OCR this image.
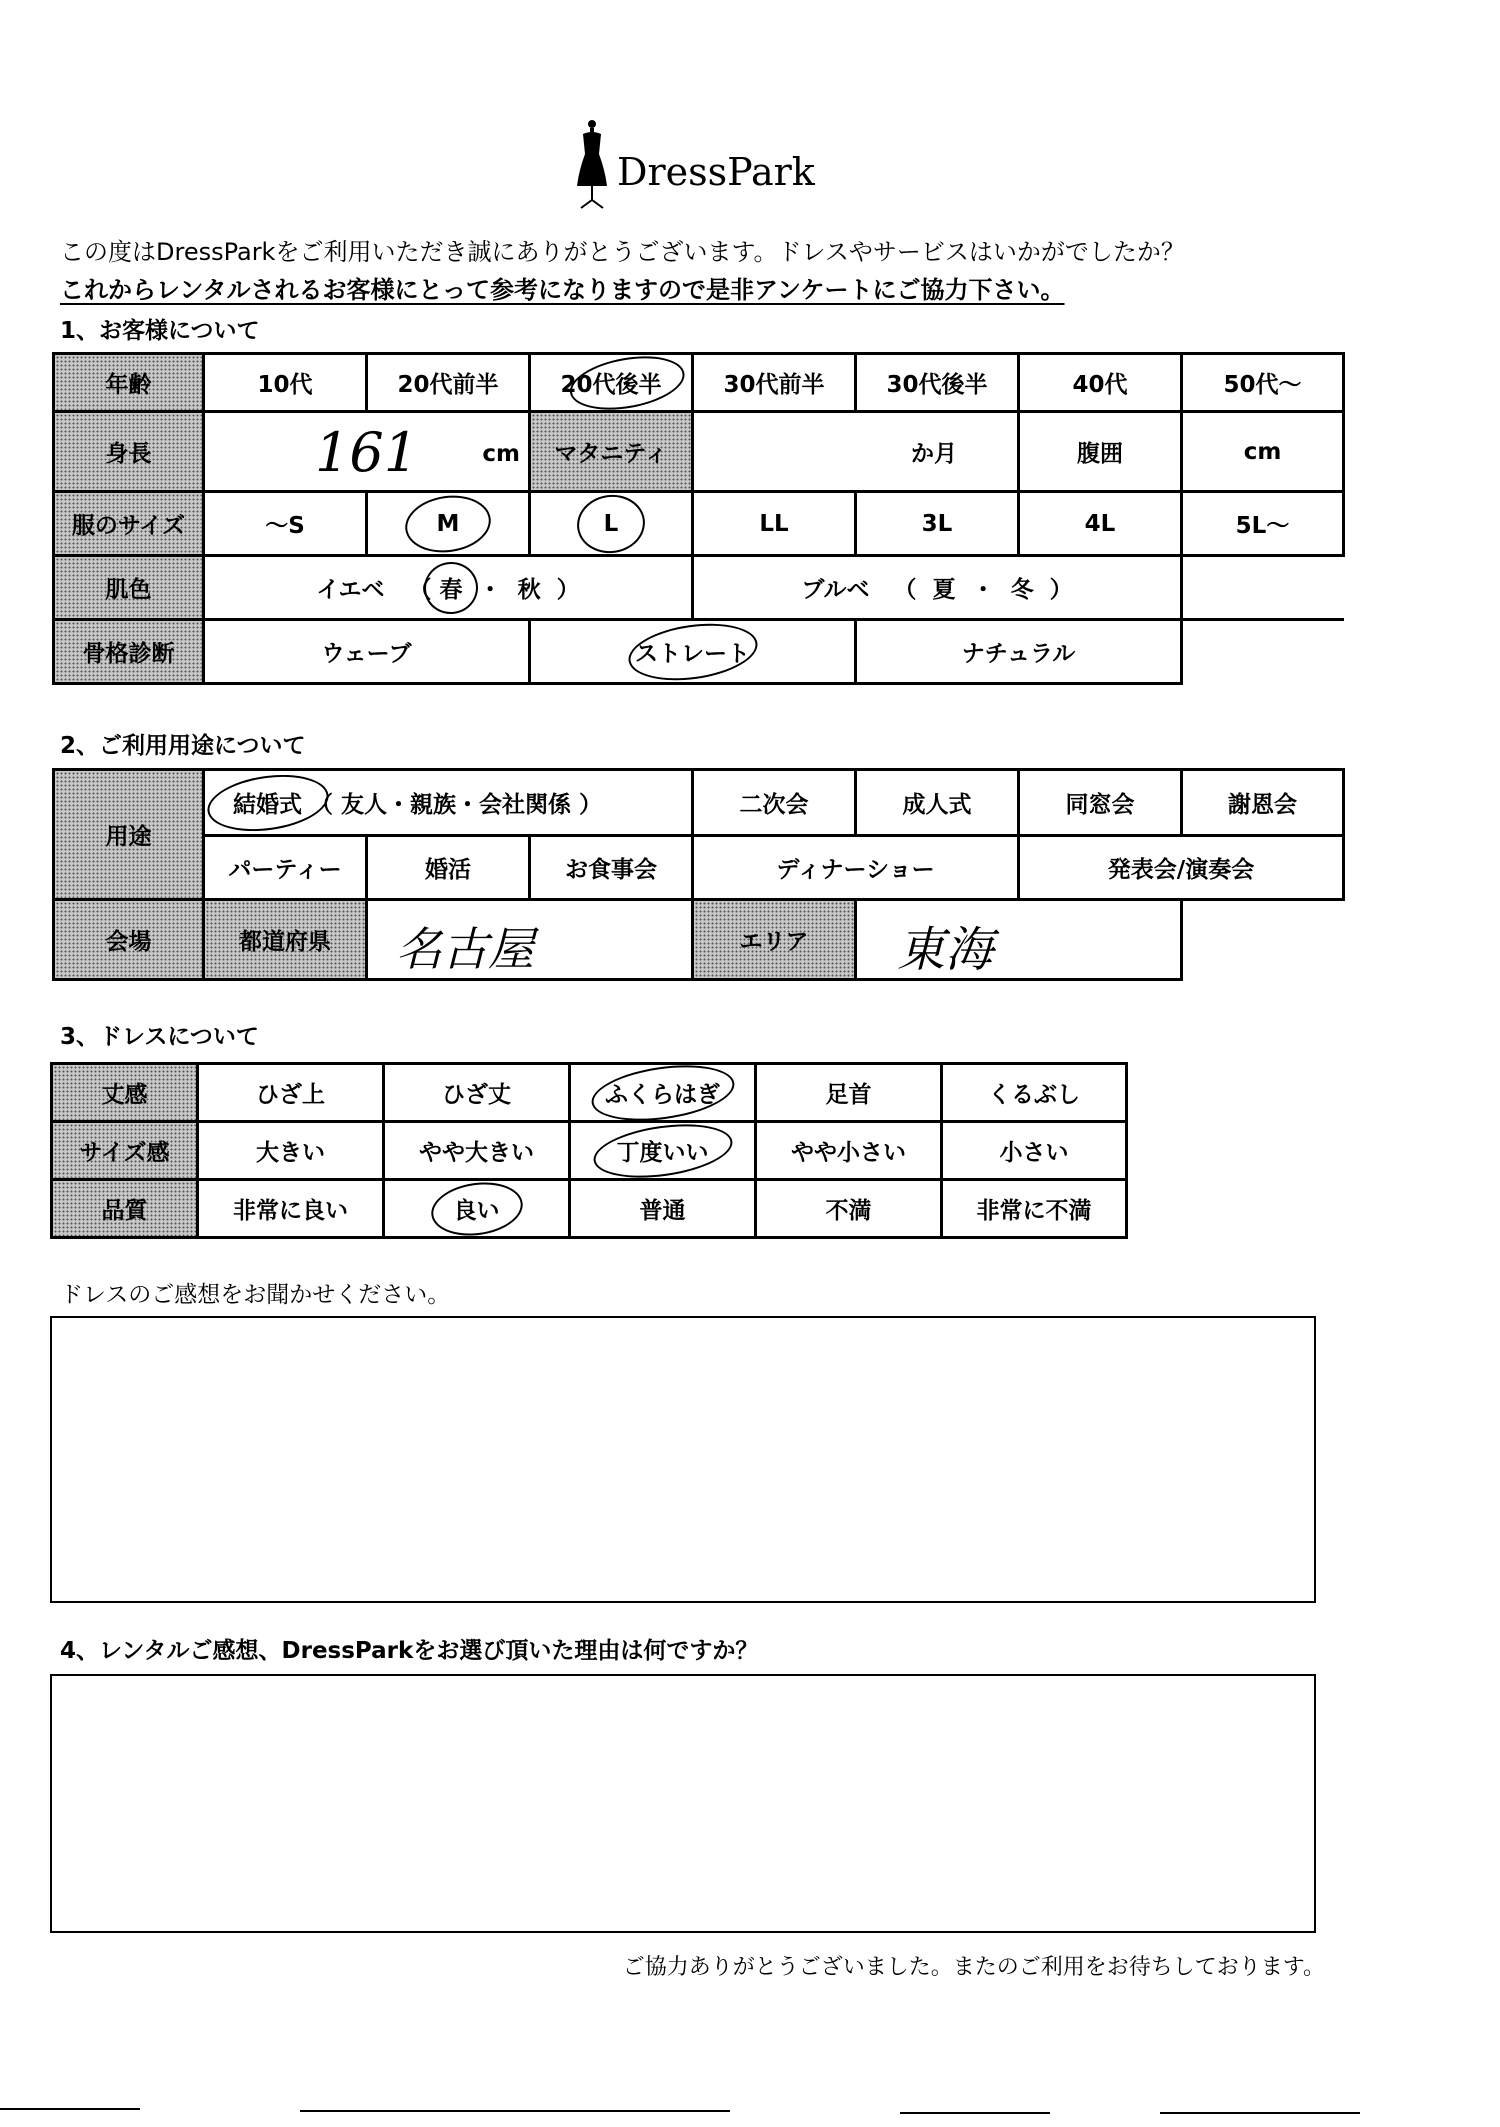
DressPark
この度はDressParkをご利用いただき誠にありがとうございます。ドレスやサービスはいかがでしたか？
これからレンタルされるお客様にとって参考になりますので是非アンケートにご協力下さい。
1、お客様について
年齢	10代	20代前半	20代後半	30代前半	30代後半	40代	50代〜
身長	161 cm		マタニティ	か月		腹囲	cm
服のサイズ	〜S	M	L	LL	3L	4L	5L〜
肌色	イエベ （ 春 ・ 秋 ）			ブルベ （ 夏 ・ 冬 ）			
骨格診断	ウェーブ		ストレート		ナチュラル		
2、ご利用用途について
用途	結婚式 （ 友人・親族・会社関係 ）			二次会	成人式	同窓会	謝恩会
	パーティー	婚活	お食事会	ディナーショー		発表会/演奏会	
会場	都道府県	名古屋		エリア	東海		

3、ドレスについて
丈感	ひざ上	ひざ丈	ふくらはぎ	足首	くるぶし
サイズ感	大きい	やや大きい	丁度いい	やや小さい	小さい
品質	非常に良い	良い	普通	不満	非常に不満
ドレスのご感想をお聞かせください。
4、レンタルご感想、DressParkをお選び頂いた理由は何ですか？
ご協力ありがとうございました。またのご利用をお待ちしております。
